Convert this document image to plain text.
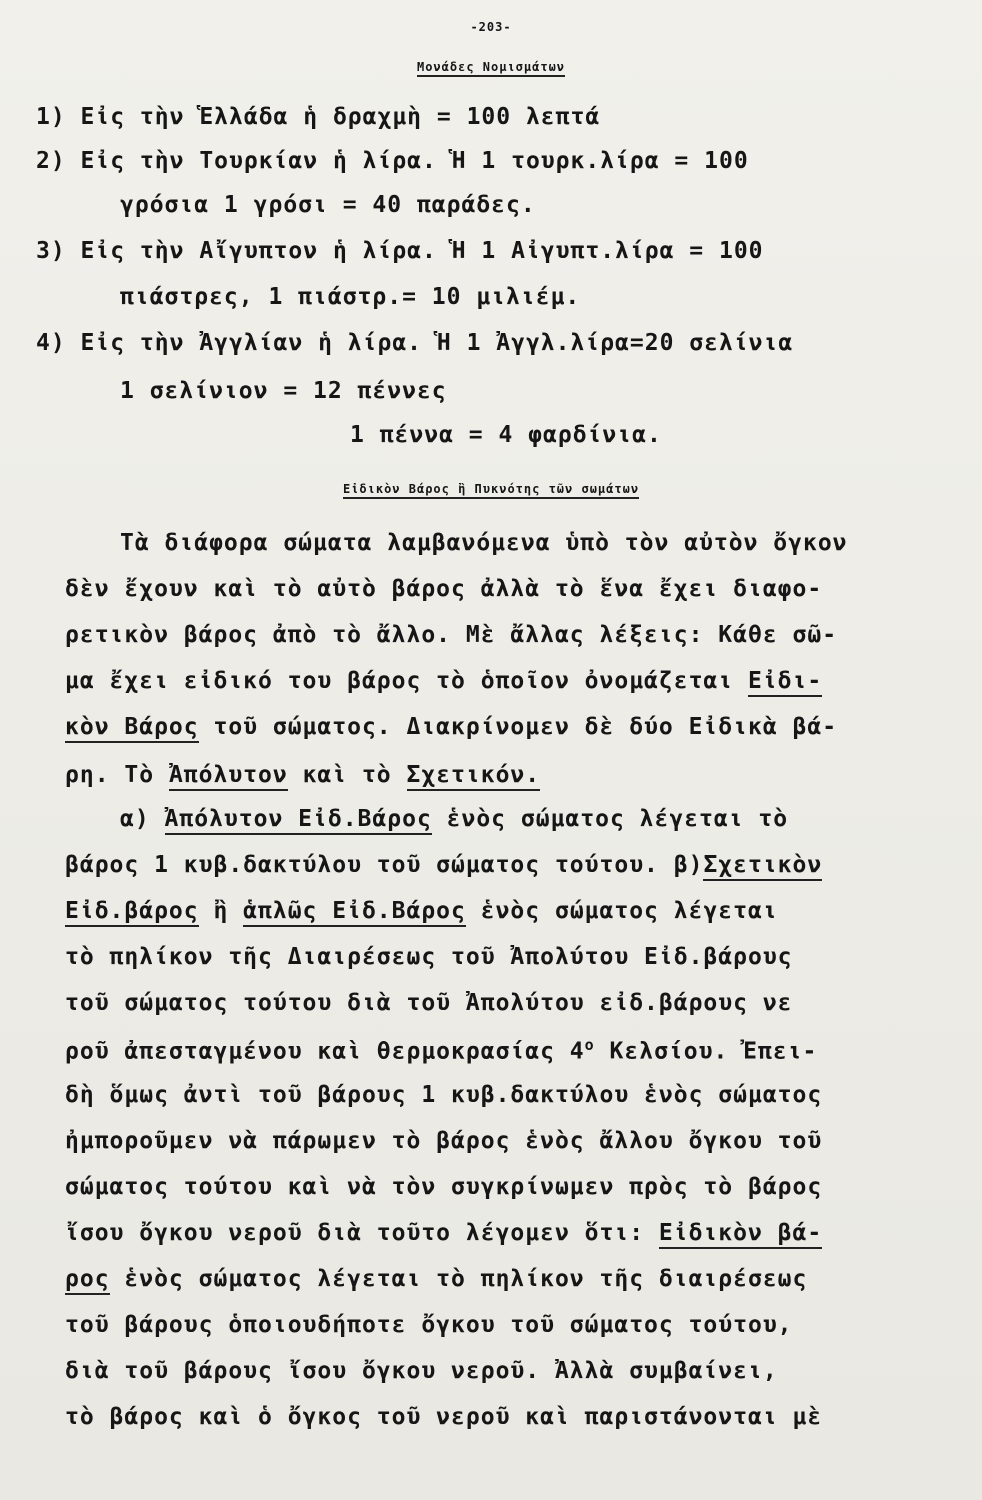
-203-
Μονάδες Νομισμάτων
1) Εἰς τὴν Ἑλλάδα ἡ δραχμὴ = 100 λεπτά
2) Εἰς τὴν Τουρκίαν ἡ λίρα. Ἡ 1 τουρκ.λίρα = 100
γρόσια 1 γρόσι = 40 παράδες.
3) Εἰς τὴν Αἴγυπτον ἡ λίρα. Ἡ 1 Αἰγυπτ.λίρα = 100
πιάστρες, 1 πιάστρ.= 10 μιλιέμ.
4) Εἰς τὴν Ἀγγλίαν ἡ λίρα. Ἡ 1 Ἀγγλ.λίρα=20 σελίνια
1 σελίνιον = 12 πέννες
1 πέννα = 4 φαρδίνια.
Εἰδικὸν Βάρος ἢ Πυκνότης τῶν σωμάτων
Τὰ διάφορα σώματα λαμβανόμενα ὑπὸ τὸν αὐτὸν ὄγκον
δὲν ἔχουν καὶ τὸ αὐτὸ βάρος ἀλλὰ τὸ ἕνα ἔχει διαφο-
ρετικὸν βάρος ἀπὸ τὸ ἄλλο. Μὲ ἄλλας λέξεις: Κάθε σῶ-
μα ἔχει εἰδικό του βάρος τὸ ὁποῖον ὀνομάζεται Εἰδι-
κὸν Βάρος τοῦ σώματος. Διακρίνομεν δὲ δύο Εἰδικὰ βά-
ρη. Τὸ Ἀπόλυτον καὶ τὸ Σχετικόν.
α) Ἀπόλυτον Εἰδ.Βάρος ἑνὸς σώματος λέγεται τὸ
βάρος 1 κυβ.δακτύλου τοῦ σώματος τούτου. β)Σχετικὸν
Εἰδ.βάρος ἢ ἁπλῶς Εἰδ.Βάρος ἑνὸς σώματος λέγεται
τὸ πηλίκον τῆς Διαιρέσεως τοῦ Ἀπολύτου Εἰδ.βάρους
τοῦ σώματος τούτου διὰ τοῦ Ἀπολύτου εἰδ.βάρους νε
ροῦ ἀπεσταγμένου καὶ θερμοκρασίας 4$^o$ Κελσίου. Ἐπει-
δὴ ὅμως ἀντὶ τοῦ βάρους 1 κυβ.δακτύλου ἑνὸς σώματος
ἠμποροῦμεν νὰ πάρωμεν τὸ βάρος ἑνὸς ἄλλου ὄγκου τοῦ
σώματος τούτου καὶ νὰ τὸν συγκρίνωμεν πρὸς τὸ βάρος
ἴσου ὄγκου νεροῦ διὰ τοῦτο λέγομεν ὅτι: Εἰδικὸν βά-
ρος ἑνὸς σώματος λέγεται τὸ πηλίκον τῆς διαιρέσεως
τοῦ βάρους ὁποιουδήποτε ὄγκου τοῦ σώματος τούτου,
διὰ τοῦ βάρους ἴσου ὄγκου νεροῦ. Ἀλλὰ συμβαίνει,
τὸ βάρος καὶ ὁ ὄγκος τοῦ νεροῦ καὶ παριστάνονται μὲ
